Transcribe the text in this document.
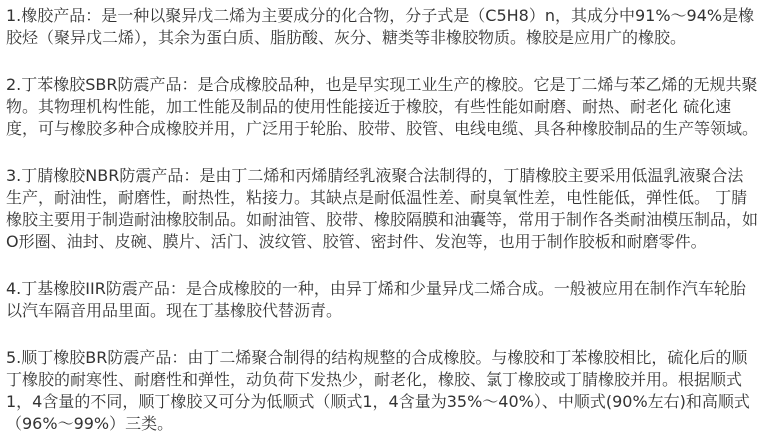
1.橡胶产品：是一种以聚异戊二烯为主要成分的化合物，分子式是（C5H8）n，其成分中91%～94%是橡胶烃（聚异戊二烯），其余为蛋白质、脂肪酸、灰分、糖类等非橡胶物质。橡胶是应用广的橡胶。

2.丁苯橡胶SBR防震产品：是合成橡胶品种，也是早实现工业生产的橡胶。它是丁二烯与苯乙烯的无规共聚物。其物理机构性能，加工性能及制品的使用性能接近于橡胶，有些性能如耐磨、耐热、耐老化 硫化速度，可与橡胶多种合成橡胶并用，广泛用于轮胎、胶带、胶管、电线电缆、具各种橡胶制品的生产等领域。

3.丁腈橡胶NBR防震产品：是由丁二烯和丙烯腈经乳液聚合法制得的，丁腈橡胶主要采用低温乳液聚合法生产，耐油性，耐磨性，耐热性，粘接力。其缺点是耐低温性差、耐臭氧性差，电性能低，弹性低。 丁腈橡胶主要用于制造耐油橡胶制品。如耐油管、胶带、橡胶隔膜和油囊等，常用于制作各类耐油模压制品，如O形圈、油封、皮碗、膜片、活门、波纹管、胶管、密封件、发泡等，也用于制作胶板和耐磨零件。

4.丁基橡胶IIR防震产品：是合成橡胶的一种，由异丁烯和少量异戊二烯合成。一般被应用在制作汽车轮胎以汽车隔音用品里面。现在丁基橡胶代替沥青。

5.顺丁橡胶BR防震产品：由丁二烯聚合制得的结构规整的合成橡胶。与橡胶和丁苯橡胶相比，硫化后的顺丁橡胶的耐寒性、耐磨性和弹性，动负荷下发热少，耐老化，橡胶、氯丁橡胶或丁腈橡胶并用。根据顺式1，4含量的不同，顺丁橡胶又可分为低顺式（顺式1，4含量为35%～40%）、中顺式(90%左右)和高顺式（96%～99%）三类。
